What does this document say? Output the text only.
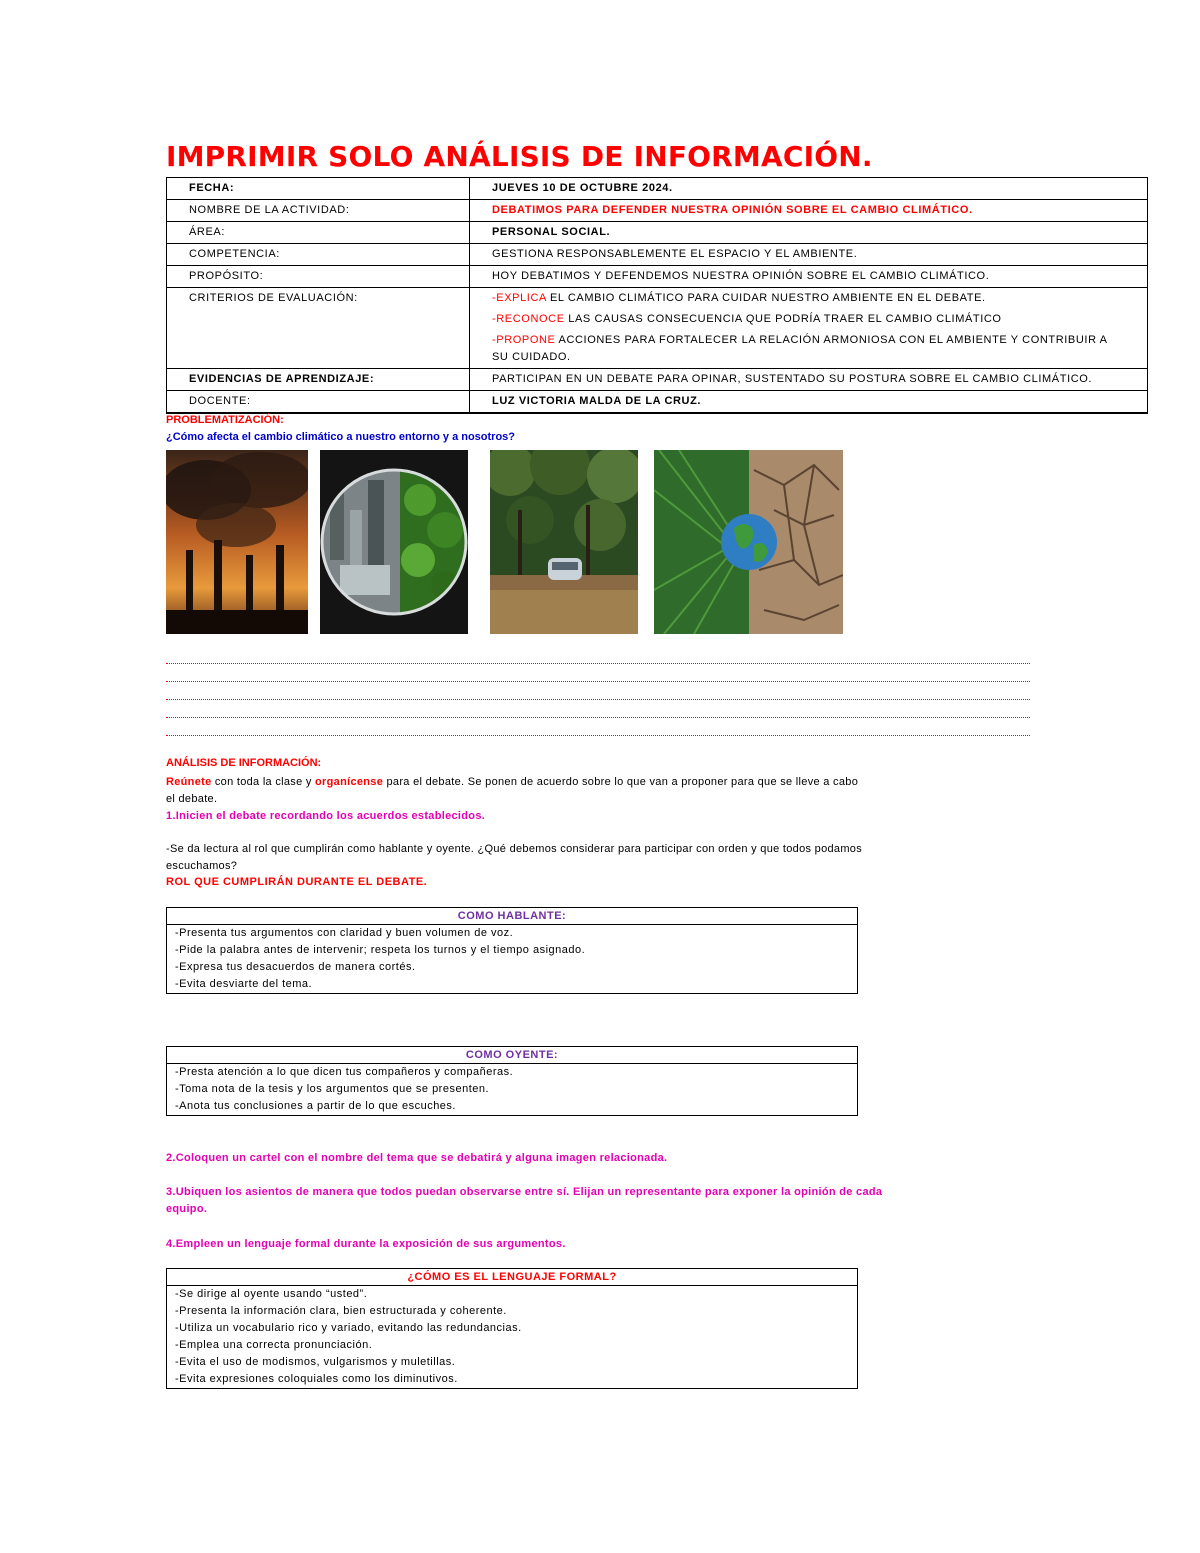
IMPRIMIR SOLO ANÁLISIS DE INFORMACIÓN.
FECHA:	JUEVES 10 DE OCTUBRE 2024.
NOMBRE DE LA ACTIVIDAD:	DEBATIMOS PARA DEFENDER NUESTRA OPINIÓN SOBRE EL CAMBIO CLIMÁTICO.
ÁREA:	PERSONAL SOCIAL.
COMPETENCIA:	GESTIONA RESPONSABLEMENTE EL ESPACIO Y EL AMBIENTE.
PROPÓSITO:	HOY DEBATIMOS Y DEFENDEMOS NUESTRA OPINIÓN SOBRE EL CAMBIO CLIMÁTICO.
CRITERIOS DE EVALUACIÓN:	-EXPLICA EL CAMBIO CLIMÁTICO PARA CUIDAR NUESTRO AMBIENTE EN EL DEBATE.
-RECONOCE LAS CAUSAS CONSECUENCIA QUE PODRÍA TRAER EL CAMBIO CLIMÁTICO
-PROPONE ACCIONES PARA FORTALECER LA RELACIÓN ARMONIOSA CON EL AMBIENTE Y CONTRIBUIR A SU CUIDADO.

EVIDENCIAS DE APRENDIZAJE:	PARTICIPAN EN UN DEBATE PARA OPINAR, SUSTENTADO SU POSTURA SOBRE EL CAMBIO CLIMÁTICO.
DOCENTE:	LUZ VICTORIA MALDA DE LA CRUZ.
PROBLEMATIZACIÓN:
¿Cómo afecta el cambio climático a nuestro entorno y a nosotros?
ANÁLISIS DE INFORMACIÓN:
Reúnete con toda la clase y organícense para el debate. Se ponen de acuerdo sobre lo que van a proponer para que se lleve a cabo
el debate.
1.Inicien el debate recordando los acuerdos establecidos.
-Se da lectura al rol que cumplirán como hablante y oyente. ¿Qué debemos considerar para participar con orden y que todos podamos
escuchamos?
ROL QUE CUMPLIRÁN DURANTE EL DEBATE.
COMO HABLANTE:
-Presenta tus argumentos con claridad y buen volumen de voz.
-Pide la palabra antes de intervenir; respeta los turnos y el tiempo asignado.
-Expresa tus desacuerdos de manera cortés.
-Evita desviarte del tema.
COMO OYENTE:
-Presta atención a lo que dicen tus compañeros y compañeras.
-Toma nota de la tesis y los argumentos que se presenten.
-Anota tus conclusiones a partir de lo que escuches.
2.Coloquen un cartel con el nombre del tema que se debatirá y alguna imagen relacionada.
3.Ubiquen los asientos de manera que todos puedan observarse entre sí. Elijan un representante para exponer la opinión de cada
equipo.
4.Empleen un lenguaje formal durante la exposición de sus argumentos.
¿CÓMO ES EL LENGUAJE FORMAL?
-Se dirige al oyente usando “usted”.
-Presenta la información clara, bien estructurada y coherente.
-Utiliza un vocabulario rico y variado, evitando las redundancias.
-Emplea una correcta pronunciación.
-Evita el uso de modismos, vulgarismos y muletillas.
-Evita expresiones coloquiales como los diminutivos.
